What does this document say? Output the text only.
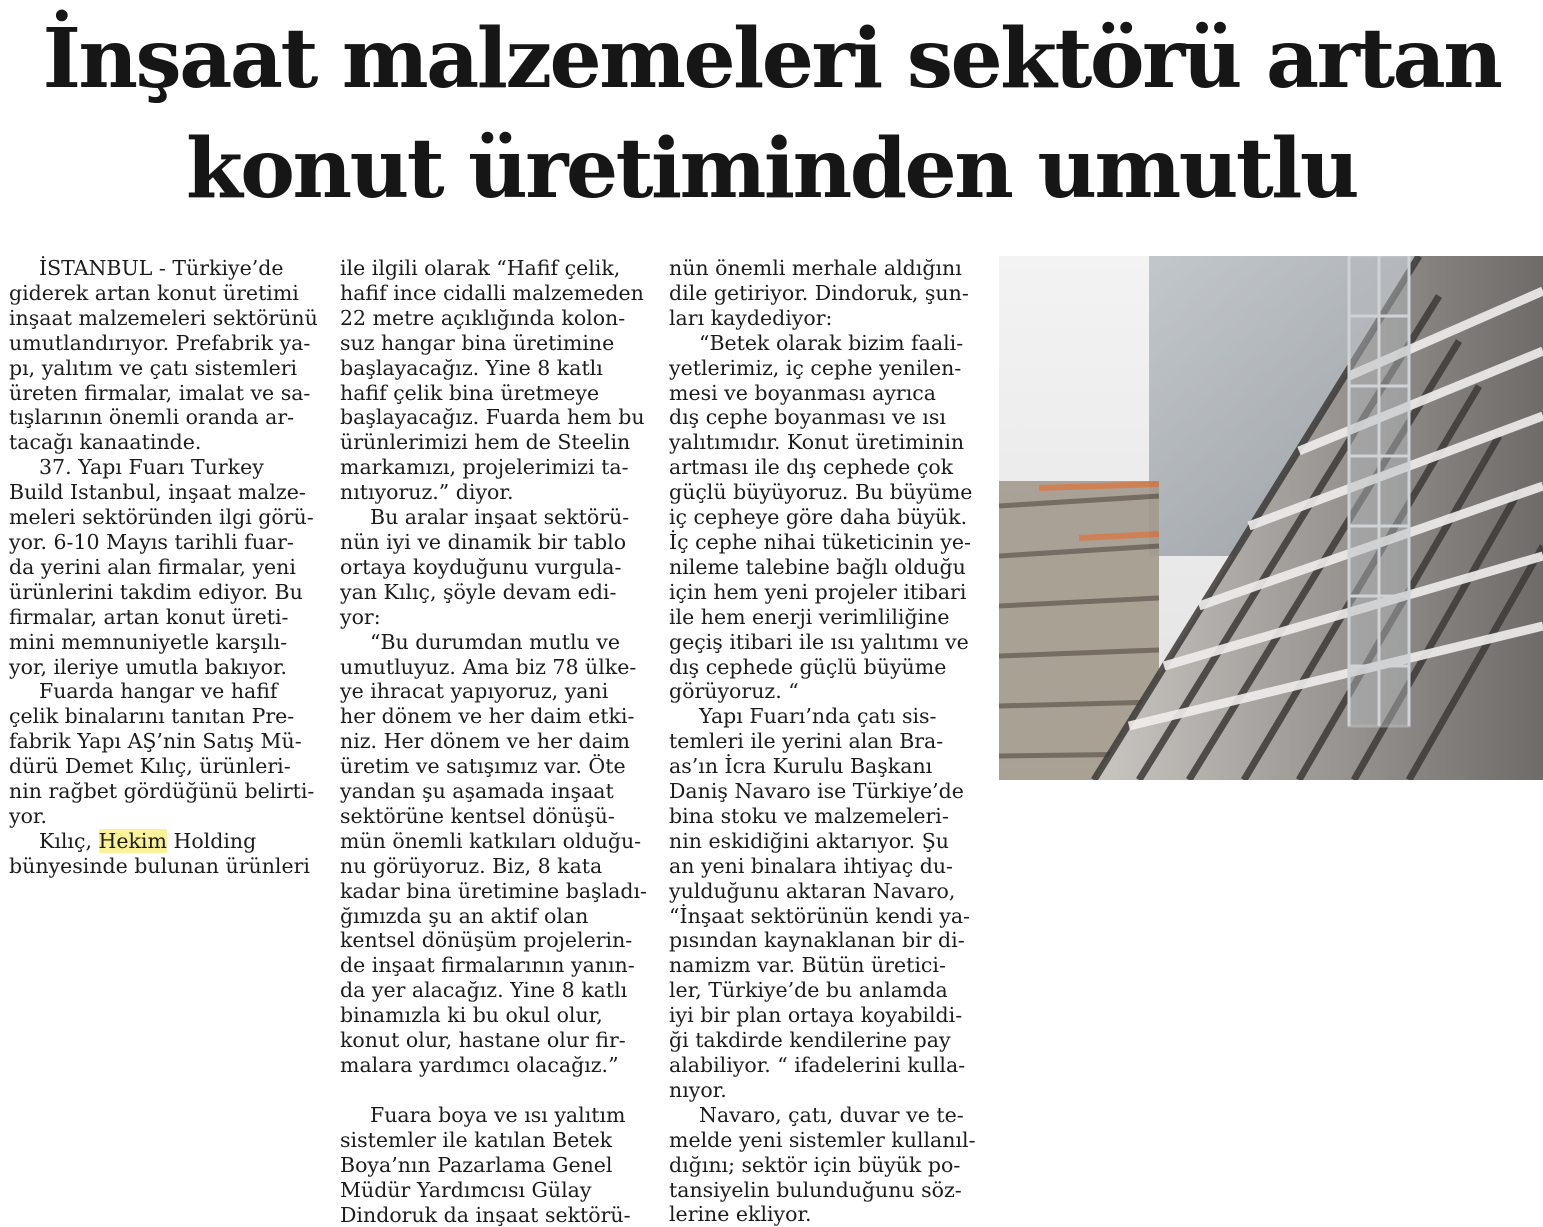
İnşaat malzemeleri sektörü artan
konut üretiminden umutlu
İSTANBUL - Türkiye’de
giderek artan konut üretimi
inşaat malzemeleri sektörünü
umutlandırıyor. Prefabrik ya-
pı, yalıtım ve çatı sistemleri
üreten firmalar, imalat ve sa-
tışlarının önemli oranda ar-
tacağı kanaatinde.
37. Yapı Fuarı Turkey
Build Istanbul, inşaat malze-
meleri sektöründen ilgi görü-
yor. 6-10 Mayıs tarihli fuar-
da yerini alan firmalar, yeni
ürünlerini takdim ediyor. Bu
firmalar, artan konut üreti-
mini memnuniyetle karşılı-
yor, ileriye umutla bakıyor.
Fuarda hangar ve hafif
çelik binalarını tanıtan Pre-
fabrik Yapı AŞ’nin Satış Mü-
dürü Demet Kılıç, ürünleri-
nin rağbet gördüğünü belirti-
yor.
Kılıç, Hekim Holding
bünyesinde bulunan ürünleri
ile ilgili olarak “Hafif çelik,
hafif ince cidalli malzemeden
22 metre açıklığında kolon-
suz hangar bina üretimine
başlayacağız. Yine 8 katlı
hafif çelik bina üretmeye
başlayacağız. Fuarda hem bu
ürünlerimizi hem de Steelin
markamızı, projelerimizi ta-
nıtıyoruz.” diyor.
Bu aralar inşaat sektörü-
nün iyi ve dinamik bir tablo
ortaya koyduğunu vurgula-
yan Kılıç, şöyle devam edi-
yor:
“Bu durumdan mutlu ve
umutluyuz. Ama biz 78 ülke-
ye ihracat yapıyoruz, yani
her dönem ve her daim etki-
niz. Her dönem ve her daim
üretim ve satışımız var. Öte
yandan şu aşamada inşaat
sektörüne kentsel dönüşü-
mün önemli katkıları olduğu-
nu görüyoruz. Biz, 8 kata
kadar bina üretimine başladı-
ğımızda şu an aktif olan
kentsel dönüşüm projelerin-
de inşaat firmalarının yanın-
da yer alacağız. Yine 8 katlı
binamızla ki bu okul olur,
konut olur, hastane olur fir-
malara yardımcı olacağız.”
Fuara boya ve ısı yalıtım
sistemler ile katılan Betek
Boya’nın Pazarlama Genel
Müdür Yardımcısı Gülay
Dindoruk da inşaat sektörü-
nün önemli merhale aldığını
dile getiriyor. Dindoruk, şun-
ları kaydediyor:
“Betek olarak bizim faali-
yetlerimiz, iç cephe yenilen-
mesi ve boyanması ayrıca
dış cephe boyanması ve ısı
yalıtımıdır. Konut üretiminin
artması ile dış cephede çok
güçlü büyüyoruz. Bu büyüme
iç cepheye göre daha büyük.
İç cephe nihai tüketicinin ye-
nileme talebine bağlı olduğu
için hem yeni projeler itibari
ile hem enerji verimliliğine
geçiş itibari ile ısı yalıtımı ve
dış cephede güçlü büyüme
görüyoruz. “
Yapı Fuarı’nda çatı sis-
temleri ile yerini alan Bra-
as’ın İcra Kurulu Başkanı
Daniş Navaro ise Türkiye’de
bina stoku ve malzemeleri-
nin eskidiğini aktarıyor. Şu
an yeni binalara ihtiyaç du-
yulduğunu aktaran Navaro,
“İnşaat sektörünün kendi ya-
pısından kaynaklanan bir di-
namizm var. Bütün üretici-
ler, Türkiye’de bu anlamda
iyi bir plan ortaya koyabildi-
ği takdirde kendilerine pay
alabiliyor. “ ifadelerini kulla-
nıyor.
Navaro, çatı, duvar ve te-
melde yeni sistemler kullanıl-
dığını; sektör için büyük po-
tansiyelin bulunduğunu söz-
lerine ekliyor.
